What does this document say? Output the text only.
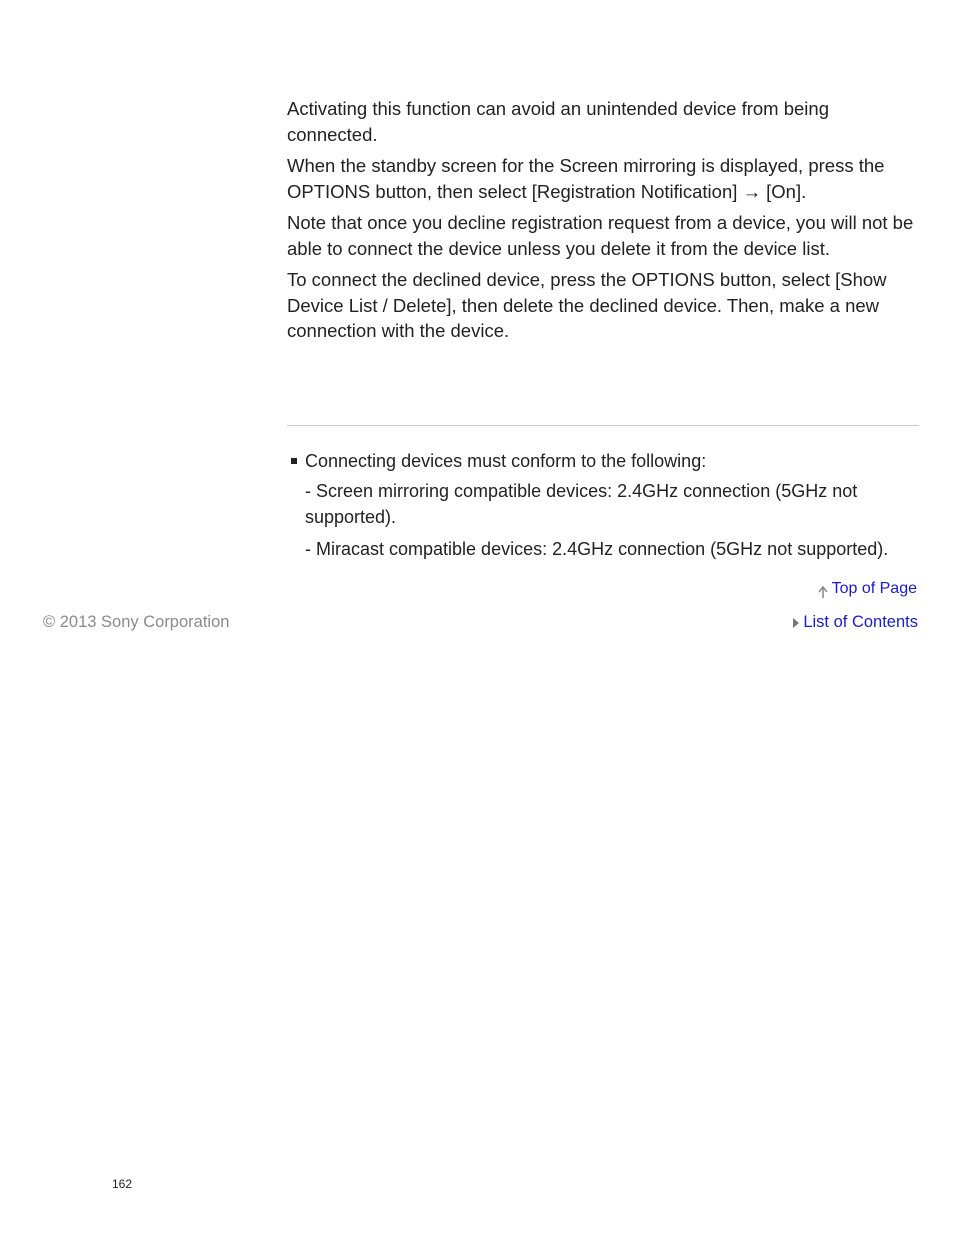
Activating this function can avoid an unintended device from being connected.

When the standby screen for the Screen mirroring is displayed, press the OPTIONS button, then select [Registration Notification] → [On].

Note that once you decline registration request from a device, you will not be able to connect the device unless you delete it from the device list.

To connect the declined device, press the OPTIONS button, select [Show Device List / Delete], then delete the declined device. Then, make a new connection with the device.

Connecting devices must conform to the following:
- Screen mirroring compatible devices: 2.4GHz connection (5GHz not supported).
- Miracast compatible devices: 2.4GHz connection (5GHz not supported).
Top of Page
© 2013 Sony Corporation	List of Contents
162
